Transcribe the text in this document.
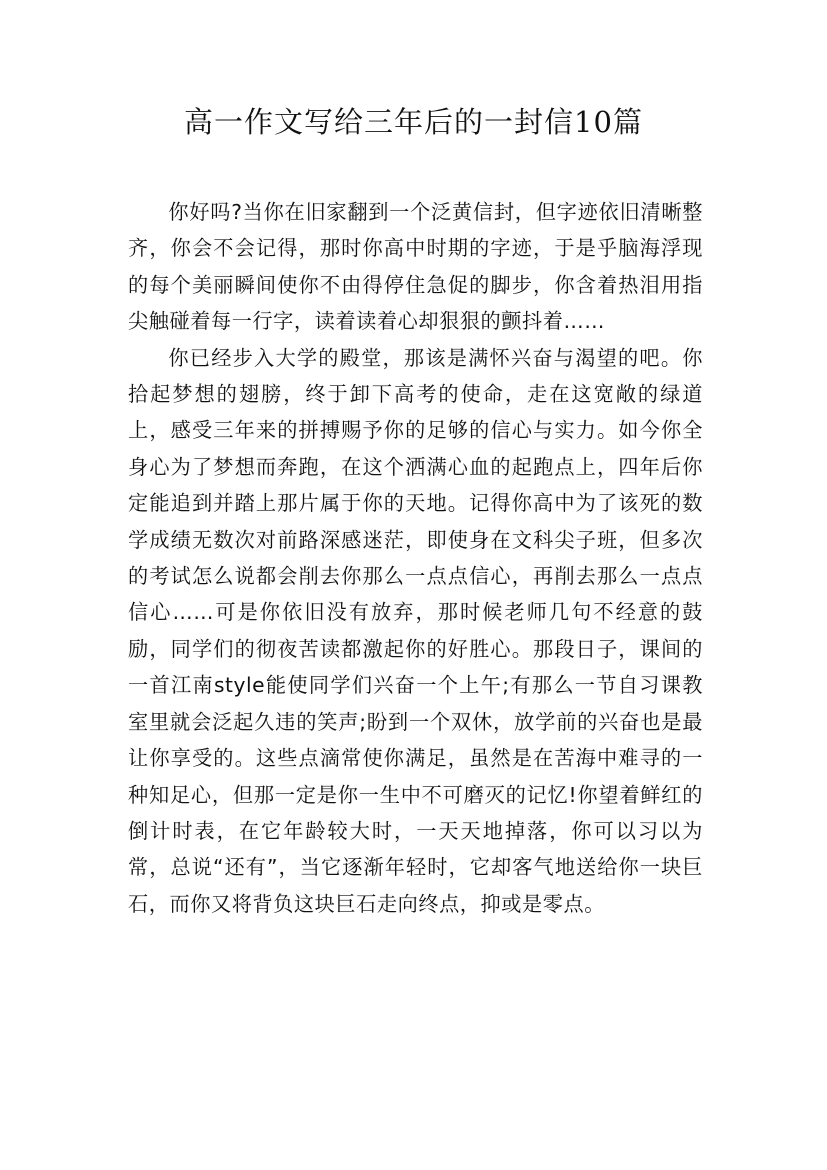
高一作文写给三年后的一封信10篇

你好吗?当你在旧家翻到一个泛黄信封，但字迹依旧清晰整齐，你会不会记得，那时你高中时期的字迹，于是乎脑海浮现的每个美丽瞬间使你不由得停住急促的脚步，你含着热泪用指尖触碰着每一行字，读着读着心却狠狠的颤抖着……

你已经步入大学的殿堂，那该是满怀兴奋与渴望的吧。你拾起梦想的翅膀，终于卸下高考的使命，走在这宽敞的绿道上，感受三年来的拼搏赐予你的足够的信心与实力。如今你全身心为了梦想而奔跑，在这个洒满心血的起跑点上，四年后你定能追到并踏上那片属于你的天地。记得你高中为了该死的数学成绩无数次对前路深感迷茫，即使身在文科尖子班，但多次的考试怎么说都会削去你那么一点点信心，再削去那么一点点信心……可是你依旧没有放弃，那时候老师几句不经意的鼓励，同学们的彻夜苦读都激起你的好胜心。那段日子，课间的一首江南style能使同学们兴奋一个上午;有那么一节自习课教室里就会泛起久违的笑声;盼到一个双休，放学前的兴奋也是最让你享受的。这些点滴常使你满足，虽然是在苦海中难寻的一种知足心，但那一定是你一生中不可磨灭的记忆!你望着鲜红的倒计时表，在它年龄较大时，一天天地掉落，你可以习以为常，总说“还有”，当它逐渐年轻时，它却客气地送给你一块巨石，而你又将背负这块巨石走向终点，抑或是零点。
